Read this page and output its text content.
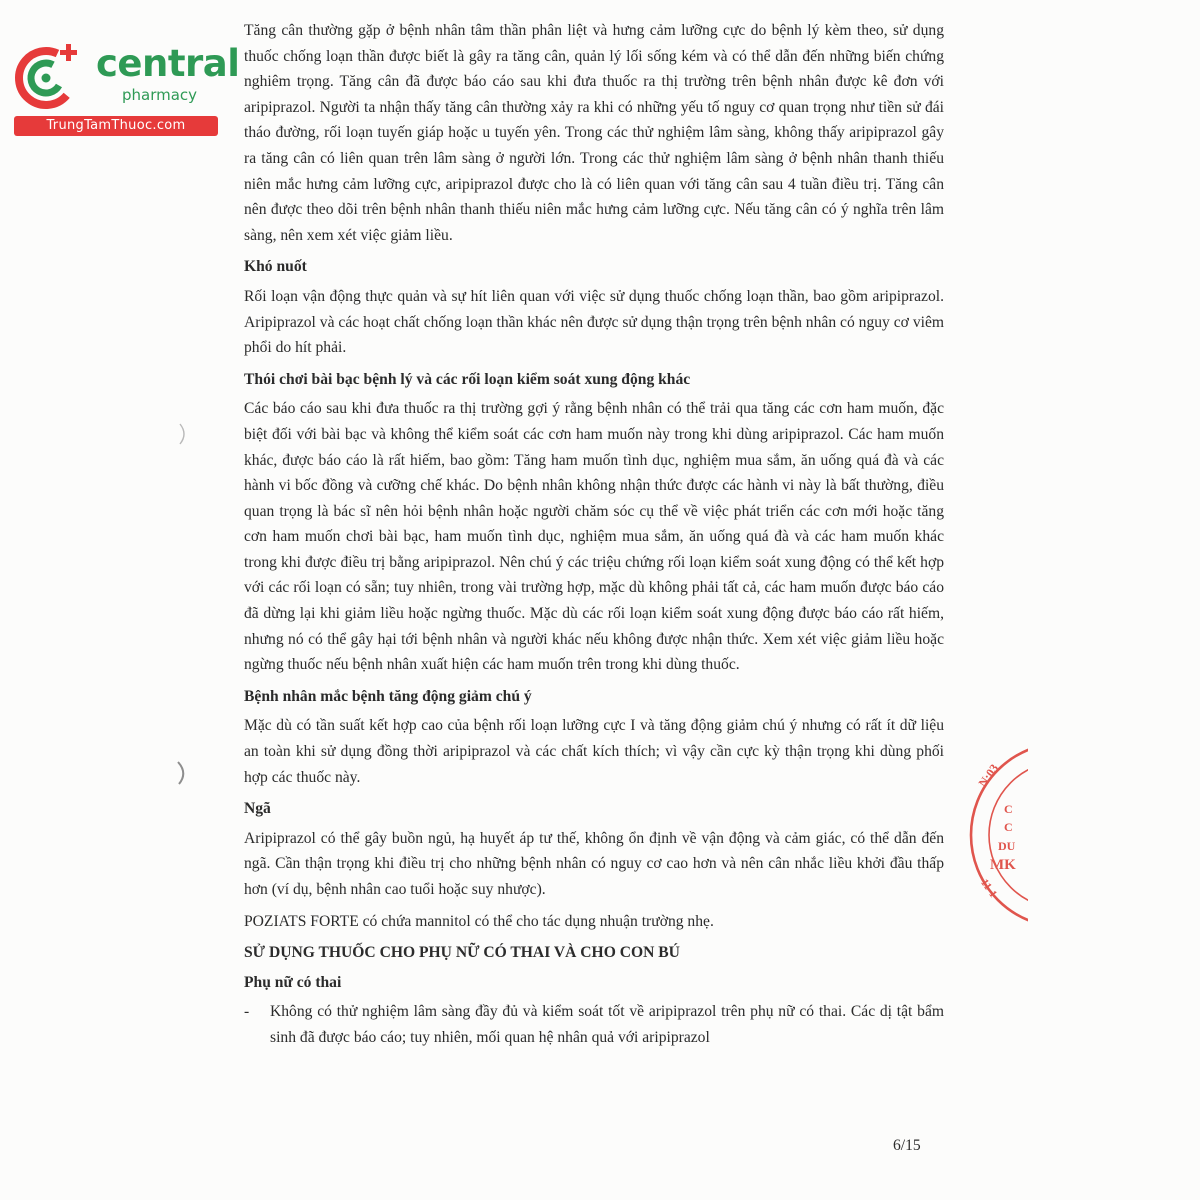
central
pharmacy
TrungTamThuoc.com

Tăng cân thường gặp ở bệnh nhân tâm thần phân liệt và hưng cảm lưỡng cực do bệnh lý kèm theo, sử dụng thuốc chống loạn thần được biết là gây ra tăng cân, quản lý lối sống kém và có thể dẫn đến những biến chứng nghiêm trọng. Tăng cân đã được báo cáo sau khi đưa thuốc ra thị trường trên bệnh nhân được kê đơn với aripiprazol. Người ta nhận thấy tăng cân thường xảy ra khi có những yếu tố nguy cơ quan trọng như tiền sử đái tháo đường, rối loạn tuyến giáp hoặc u tuyến yên. Trong các thử nghiệm lâm sàng, không thấy aripiprazol gây ra tăng cân có liên quan trên lâm sàng ở người lớn. Trong các thử nghiệm lâm sàng ở bệnh nhân thanh thiếu niên mắc hưng cảm lưỡng cực, aripiprazol được cho là có liên quan với tăng cân sau 4 tuần điều trị. Tăng cân nên được theo dõi trên bệnh nhân thanh thiếu niên mắc hưng cảm lưỡng cực. Nếu tăng cân có ý nghĩa trên lâm sàng, nên xem xét việc giảm liều.

Khó nuốt

Rối loạn vận động thực quản và sự hít liên quan với việc sử dụng thuốc chống loạn thần, bao gồm aripiprazol. Aripiprazol và các hoạt chất chống loạn thần khác nên được sử dụng thận trọng trên bệnh nhân có nguy cơ viêm phổi do hít phải.

Thói chơi bài bạc bệnh lý và các rối loạn kiểm soát xung động khác

Các báo cáo sau khi đưa thuốc ra thị trường gợi ý rằng bệnh nhân có thể trải qua tăng các cơn ham muốn, đặc biệt đối với bài bạc và không thể kiểm soát các cơn ham muốn này trong khi dùng aripiprazol. Các ham muốn khác, được báo cáo là rất hiếm, bao gồm: Tăng ham muốn tình dục, nghiệm mua sắm, ăn uống quá đà và các hành vi bốc đồng và cưỡng chế khác. Do bệnh nhân không nhận thức được các hành vi này là bất thường, điều quan trọng là bác sĩ nên hỏi bệnh nhân hoặc người chăm sóc cụ thể về việc phát triển các cơn mới hoặc tăng cơn ham muốn chơi bài bạc, ham muốn tình dục, nghiệm mua sắm, ăn uống quá đà và các ham muốn khác trong khi được điều trị bằng aripiprazol. Nên chú ý các triệu chứng rối loạn kiểm soát xung động có thể kết hợp với các rối loạn có sẵn; tuy nhiên, trong vài trường hợp, mặc dù không phải tất cả, các ham muốn được báo cáo đã dừng lại khi giảm liều hoặc ngừng thuốc. Mặc dù các rối loạn kiểm soát xung động được báo cáo rất hiếm, nhưng nó có thể gây hại tới bệnh nhân và người khác nếu không được nhận thức. Xem xét việc giảm liều hoặc ngừng thuốc nếu bệnh nhân xuất hiện các ham muốn trên trong khi dùng thuốc.

Bệnh nhân mắc bệnh tăng động giảm chú ý

Mặc dù có tần suất kết hợp cao của bệnh rối loạn lưỡng cực I và tăng động giảm chú ý nhưng có rất ít dữ liệu an toàn khi sử dụng đồng thời aripiprazol và các chất kích thích; vì vậy cần cực kỳ thận trọng khi dùng phối hợp các thuốc này.

Ngã

Aripiprazol có thể gây buồn ngủ, hạ huyết áp tư thế, không ổn định về vận động và cảm giác, có thể dẫn đến ngã. Cần thận trọng khi điều trị cho những bệnh nhân có nguy cơ cao hơn và nên cân nhắc liều khởi đầu thấp hơn (ví dụ, bệnh nhân cao tuổi hoặc suy nhược).

POZIATS FORTE có chứa mannitol có thể cho tác dụng nhuận trường nhẹ.

SỬ DỤNG THUỐC CHO PHỤ NỮ CÓ THAI VÀ CHO CON BÚ
Phụ nữ có thai
-	Không có thử nghiệm lâm sàng đầy đủ và kiểm soát tốt về aripiprazol trên phụ nữ có thai. Các dị tật bẩm sinh đã được báo cáo; tuy nhiên, mối quan hệ nhân quả với aripiprazol
N:03
C
C
DU
MK
11-1
6/15
